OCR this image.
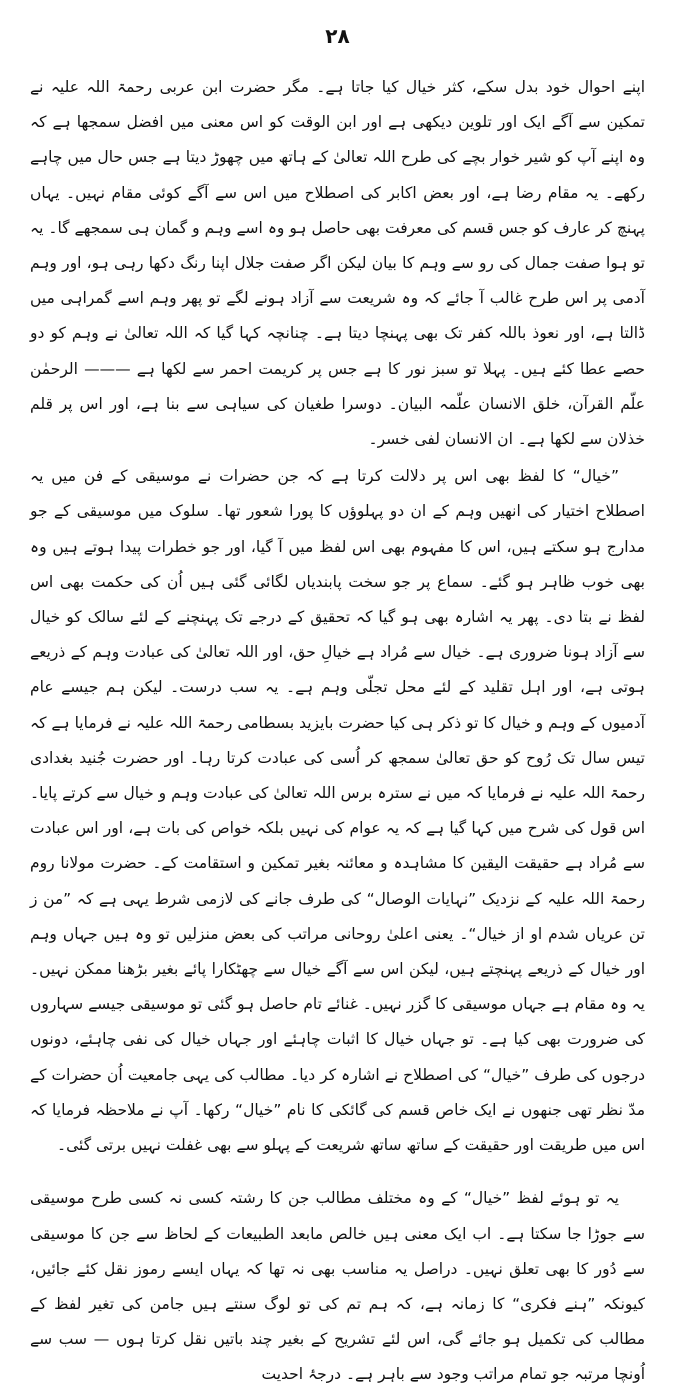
۲۸

اپنے احوال خود بدل سکے، کثر خیال کیا جاتا ہے۔ مگر حضرت ابن عربی رحمۃ اللہ علیہ نے تمکین سے آگے ایک اور تلوین دیکھی ہے اور ابن الوقت کو اس معنی میں افضل سمجھا ہے کہ وہ اپنے آپ کو شیر خوار بچے کی طرح اللہ تعالیٰ کے ہاتھ میں چھوڑ دیتا ہے جس حال میں چاہے رکھے۔ یہ مقام رضا ہے، اور بعض اکابر کی اصطلاح میں اس سے آگے کوئی مقام نہیں۔ یہاں پہنچ کر عارف کو جس قسم کی معرفت بھی حاصل ہو وہ اسے وہم و گمان ہی سمجھے گا۔ یہ تو ہوا صفت جمال کی رو سے وہم کا بیان لیکن اگر صفت جلال اپنا رنگ دکھا رہی ہو، اور وہم آدمی پر اس طرح غالب آ جائے کہ وہ شریعت سے آزاد ہونے لگے تو پھر وہم اسے گمراہی میں ڈالتا ہے، اور نعوذ باللہ کفر تک بھی پہنچا دیتا ہے۔ چنانچہ کہا گیا کہ اللہ تعالیٰ نے وہم کو دو حصے عطا کئے ہیں۔ پہلا تو سبز نور کا ہے جس پر کریمت احمر سے لکھا ہے ——— الرحمٰن علّم القرآن، خلق الانسان علّمہ البیان۔ دوسرا طغیان کی سیاہی سے بنا ہے، اور اس پر قلم خذلان سے لکھا ہے۔ ان الانسان لفی خسر۔

”خیال“ کا لفظ بھی اس پر دلالت کرتا ہے کہ جن حضرات نے موسیقی کے فن میں یہ اصطلاح اختیار کی انھیں وہم کے ان دو پہلوؤں کا پورا شعور تھا۔ سلوک میں موسیقی کے جو مدارج ہو سکتے ہیں، اس کا مفہوم بھی اس لفظ میں آ گیا، اور جو خطرات پیدا ہوتے ہیں وہ بھی خوب ظاہر ہو گئے۔ سماع پر جو سخت پابندیاں لگائی گئی ہیں اُن کی حکمت بھی اس لفظ نے بتا دی۔ پھر یہ اشارہ بھی ہو گیا کہ تحقیق کے درجے تک پہنچنے کے لئے سالک کو خیال سے آزاد ہونا ضروری ہے۔ خیال سے مُراد ہے خیالِ حق، اور اللہ تعالیٰ کی عبادت وہم کے ذریعے ہوتی ہے، اور اہل تقلید کے لئے محل تجلّی وہم ہے۔ یہ سب درست۔ لیکن ہم جیسے عام آدمیوں کے وہم و خیال کا تو ذکر ہی کیا حضرت بایزید بسطامی رحمۃ اللہ علیہ نے فرمایا ہے کہ تیس سال تک رُوح کو حق تعالیٰ سمجھ کر اُسی کی عبادت کرتا رہا۔ اور حضرت جُنید بغدادی رحمۃ اللہ علیہ نے فرمایا کہ میں نے سترہ برس اللہ تعالیٰ کی عبادت وہم و خیال سے کرتے پایا۔ اس قول کی شرح میں کہا گیا ہے کہ یہ عوام کی نہیں بلکہ خواص کی بات ہے، اور اس عبادت سے مُراد ہے حقیقت الیقین کا مشاہدہ و معائنہ بغیر تمکین و استقامت کے۔ حضرت مولانا روم رحمۃ اللہ علیہ کے نزدیک ”نہایات الوصال“ کی طرف جانے کی لازمی شرط یہی ہے کہ ”من ز تن عریاں شدم او از خیال“۔ یعنی اعلیٰ روحانی مراتب کی بعض منزلیں تو وہ ہیں جہاں وہم اور خیال کے ذریعے پہنچتے ہیں، لیکن اس سے آگے خیال سے چھٹکارا پائے بغیر بڑھنا ممکن نہیں۔ یہ وہ مقام ہے جہاں موسیقی کا گزر نہیں۔ غنائے تام حاصل ہو گئی تو موسیقی جیسے سہاروں کی ضرورت بھی کیا ہے۔ تو جہاں خیال کا اثبات چاہئے اور جہاں خیال کی نفی چاہئے، دونوں درجوں کی طرف ”خیال“ کی اصطلاح نے اشارہ کر دیا۔ مطالب کی یہی جامعیت اُن حضرات کے مدّ نظر تھی جنھوں نے ایک خاص قسم کی گائکی کا نام ”خیال“ رکھا۔ آپ نے ملاحظہ فرمایا کہ اس میں طریقت اور حقیقت کے ساتھ ساتھ شریعت کے پہلو سے بھی غفلت نہیں برتی گئی۔

یہ تو ہوئے لفظ ”خیال“ کے وہ مختلف مطالب جن کا رشتہ کسی نہ کسی طرح موسیقی سے جوڑا جا سکتا ہے۔ اب ایک معنی ہیں خالص مابعد الطبیعات کے لحاظ سے جن کا موسیقی سے دُور کا بھی تعلق نہیں۔ دراصل یہ مناسب بھی نہ تھا کہ یہاں ایسے رموز نقل کئے جائیں، کیونکہ ”ہنے فکری“ کا زمانہ ہے، کہ ہم تم کی تو لوگ سنتے ہیں جامن کی تغیر لفظ کے مطالب کی تکمیل ہو جائے گی، اس لئے تشریح کے بغیر چند باتیں نقل کرتا ہوں — سب سے اُونچا مرتبہ جو تمام مراتب وجود سے باہر ہے۔ درجۂ احدیت
